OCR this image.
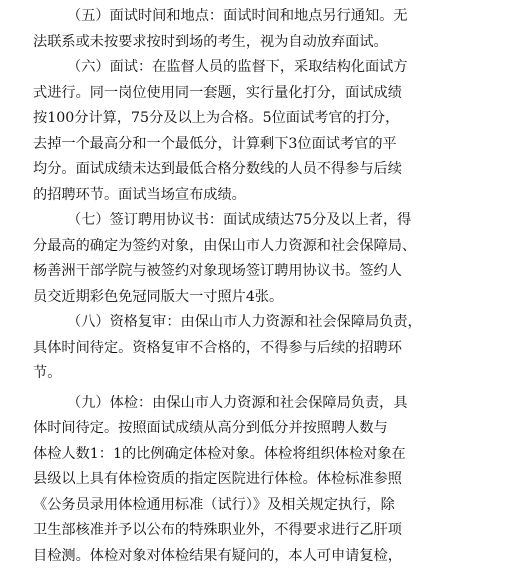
（五）面试时间和地点：面试时间和地点另行通知。无
法联系或未按要求按时到场的考生，视为自动放弃面试。
（六）面试：在监督人员的监督下，采取结构化面试方
式进行。同一岗位使用同一套题，实行量化打分，面试成绩
按100分计算，75分及以上为合格。5位面试考官的打分，
去掉一个最高分和一个最低分，计算剩下3位面试考官的平
均分。面试成绩未达到最低合格分数线的人员不得参与后续
的招聘环节。面试当场宣布成绩。
（七）签订聘用协议书：面试成绩达75分及以上者，得
分最高的确定为签约对象，由保山市人力资源和社会保障局、
杨善洲干部学院与被签约对象现场签订聘用协议书。签约人
员交近期彩色免冠同版大一寸照片4张。
（八）资格复审：由保山市人力资源和社会保障局负责，
具体时间待定。资格复审不合格的，不得参与后续的招聘环
节。
（九）体检：由保山市人力资源和社会保障局负责，具
体时间待定。按照面试成绩从高分到低分并按照聘人数与
体检人数1：1的比例确定体检对象。体检将组织体检对象在
县级以上具有体检资质的指定医院进行体检。体检标准参照
《公务员录用体检通用标准（试行）》及相关规定执行，除
卫生部核准并予以公布的特殊职业外，不得要求进行乙肝项
目检测。体检对象对体检结果有疑问的，本人可申请复检，
